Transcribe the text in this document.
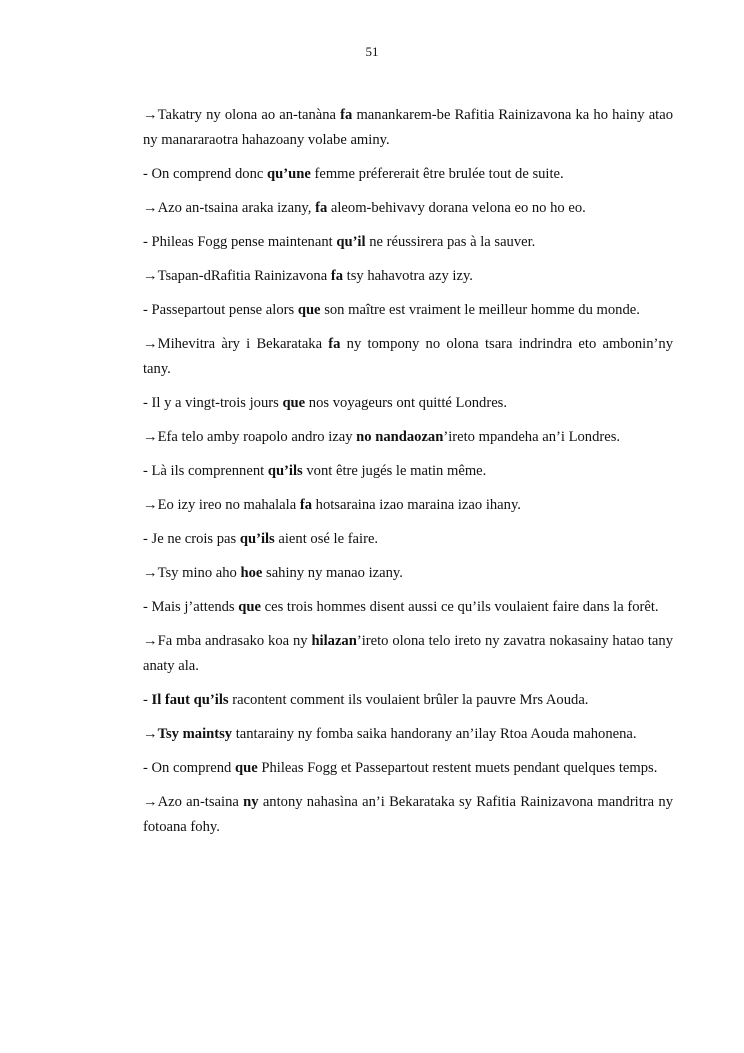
51

→Takatry ny olona ao an-tanàna fa manankarem-be Rafitia Rainizavona ka ho hainy atao ny manararaotra hahazoany volabe aminy.

- On comprend donc qu’une femme préfererait être brulée tout de suite.

→Azo an-tsaina araka izany, fa aleom-behivavy dorana velona eo no ho eo.

- Phileas Fogg pense maintenant qu’il ne réussirera pas à la sauver.

→Tsapan-dRafitia Rainizavona fa tsy hahavotra azy izy.

- Passepartout pense alors que son maître est vraiment le meilleur homme du monde.

→Mihevitra àry i Bekarataka fa ny tompony no olona tsara indrindra eto ambonin’ny tany.

- Il y a vingt-trois jours que nos voyageurs ont quitté Londres.

→Efa telo amby roapolo andro izay no nandaozan’ireto mpandeha an’i Londres.

- Là ils comprennent qu’ils vont être jugés le matin même.

→Eo izy ireo no mahalala fa hotsaraina izao maraina izao ihany.

- Je ne crois pas qu’ils aient osé le faire.

→Tsy mino aho hoe sahiny ny manao izany.

- Mais j’attends que ces trois hommes disent aussi ce qu’ils voulaient faire dans la forêt.

→Fa mba andrasako koa ny hilazan’ireto olona telo ireto ny zavatra nokasainy hatao tany anaty ala.

- Il faut qu’ils racontent comment ils voulaient brûler la pauvre Mrs Aouda.

→Tsy maintsy tantarainy ny fomba saika handorany an’ilay Rtoa Aouda mahonena.

- On comprend que Phileas Fogg et Passepartout restent muets pendant quelques temps.

→Azo an-tsaina ny antony nahasìna an’i Bekarataka sy Rafitia Rainizavona mandritra ny fotoana fohy.
